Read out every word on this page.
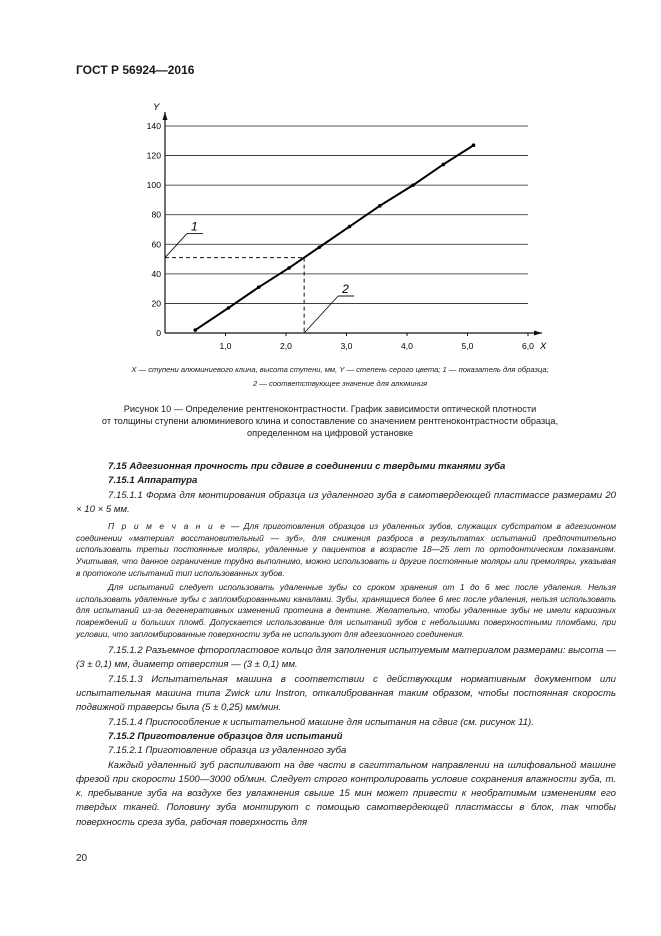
ГОСТ Р 56924—2016
X
Y
0
20
40
60
80
100
120
140
1,0	2,0	3,0	4,0	5,0	6,0
1
2
X — ступени алюминиевого клина, высота ступени, мм, Y — степень серого цвета; 1 — показатель для образца;
2 — соответствующее значение для алюминия
Рисунок 10 — Определение рентгеноконтрастности. График зависимости оптической плотности
от толщины ступени алюминиевого клина и сопоставление со значением рентгеноконтрастности образца,
определенном на цифровой установке

7.15 Адгезионная прочность при сдвиге в соединении с твердыми тканями зуба

7.15.1 Аппаратура

7.15.1.1 Форма для монтирования образца из удаленного зуба в самотвердеющей пластмассе размерами 20 × 10 × 5 мм.

П р и м е ч а н и е — Для приготовления образцов из удаленных зубов, служащих субстратом в адгезионном соединении «материал восстановительный — зуб», для снижения разброса в результатах испытаний предпочтительно использовать третьи постоянные моляры, удаленные у пациентов в возрасте 18—25 лет по ортодонтическим показаниям. Учитывая, что данное ограничение трудно выполнимо, можно использовать и другие постоянные моляры или премоляры, указывая в протоколе испытаний тип использованных зубов.

Для испытаний следует использовать удаленные зубы со сроком хранения от 1 до 6 мес после удаления. Нельзя использовать удаленные зубы с запломбированными каналами. Зубы, хранящиеся более 6 мес после удаления, нельзя использовать для испытаний из-за дегенеративных изменений протеина в дентине. Желательно, чтобы удаленные зубы не имели кариозных повреждений и больших пломб. Допускается использование для испытаний зубов с небольшими поверхностными пломбами, при условии, что запломбированные поверхности зуба не используют для адгезионного соединения.

7.15.1.2 Разъемное фторопластовое кольцо для заполнения испытуемым материалом размерами: высота — (3 ± 0,1) мм, диаметр отверстия — (3 ± 0,1) мм.

7.15.1.3 Испытательная машина в соответствии с действующим нормативным документом или испытательная машина типа Zwick или Instron, откалиброванная таким образом, чтобы постоянная скорость подвижной траверсы была (5 ± 0,25) мм/мин.

7.15.1.4 Приспособление к испытательной машине для испытания на сдвиг (см. рисунок 11).

7.15.2 Приготовление образцов для испытаний

7.15.2.1 Приготовление образца из удаленного зуба

Каждый удаленный зуб распиливают на две части в сагиттальном направлении на шлифовальной машине фрезой при скорости 1500—3000 об/мин. Следует строго контролировать условие сохранения влажности зуба, т. к. пребывание зуба на воздухе без увлажнения свыше 15 мин может привести к необратимым изменениям его твердых тканей. Половину зуба монтируют с помощью самотвердеющей пластмассы в блок, так чтобы поверхность среза зуба, рабочая поверхность для

20
